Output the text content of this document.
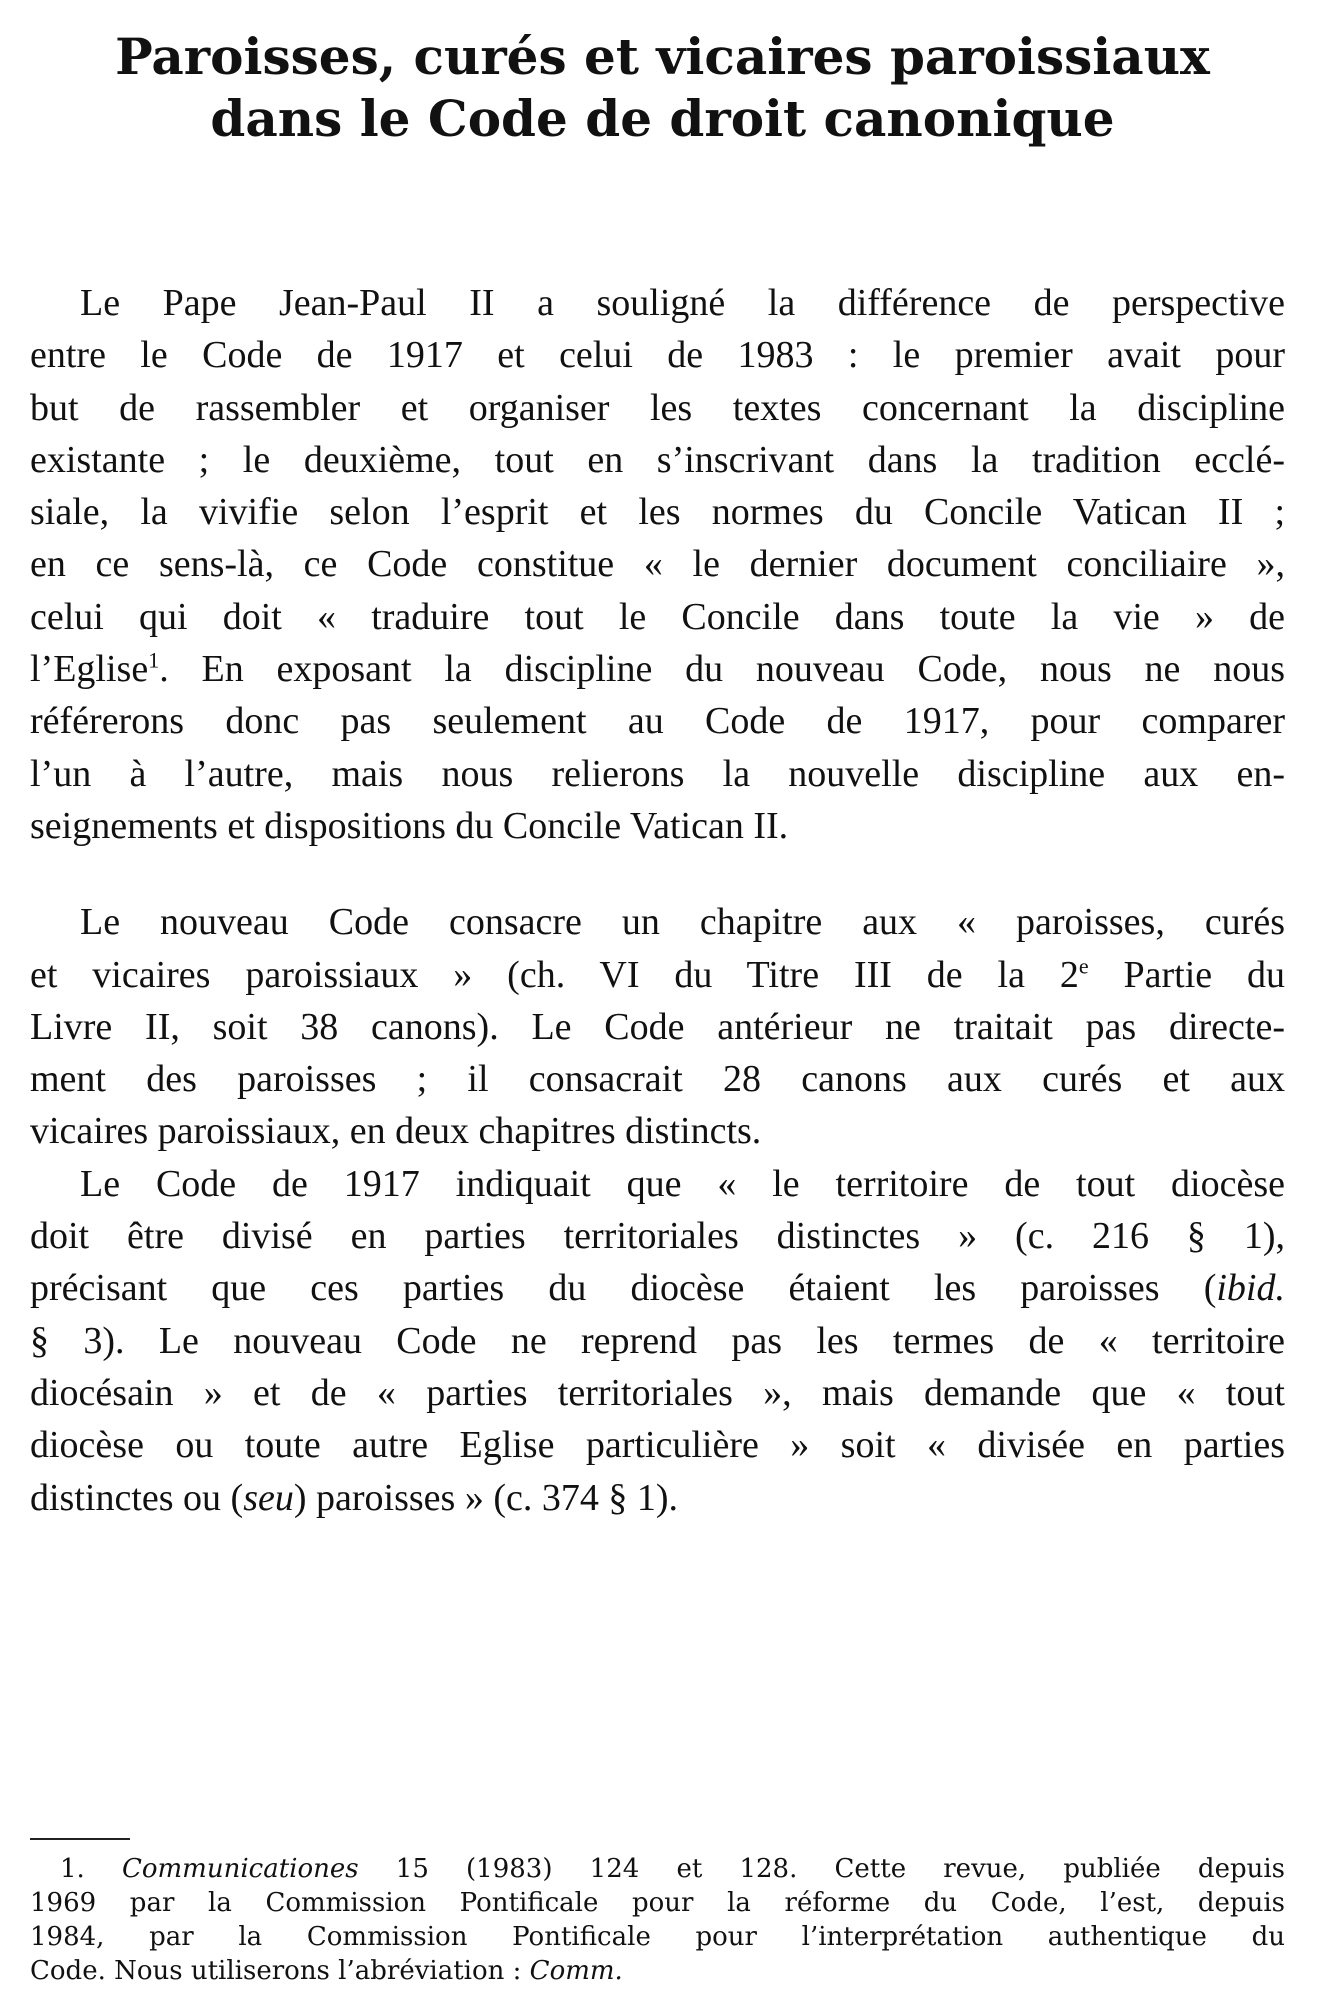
Paroisses, curés et vicaires paroissiaux
dans le Code de droit canonique
Le Pape Jean-Paul II a souligné la différence de perspective
entre le Code de 1917 et celui de 1983 : le premier avait pour
but de rassembler et organiser les textes concernant la discipline
existante ; le deuxième, tout en s’inscrivant dans la tradition ecclé-
siale, la vivifie selon l’esprit et les normes du Concile Vatican II ;
en ce sens-là, ce Code constitue « le dernier document conciliaire »,
celui qui doit « traduire tout le Concile dans toute la vie » de
l’Eglise$^1$. En exposant la discipline du nouveau Code, nous ne nous
référerons donc pas seulement au Code de 1917, pour comparer
l’un à l’autre, mais nous relierons la nouvelle discipline aux en-
seignements et dispositions du Concile Vatican II.
Le nouveau Code consacre un chapitre aux « paroisses, curés
et vicaires paroissiaux » (ch. VI du Titre III de la 2e Partie du
Livre II, soit 38 canons). Le Code antérieur ne traitait pas directe-
ment des paroisses ; il consacrait 28 canons aux curés et aux
vicaires paroissiaux, en deux chapitres distincts.
Le Code de 1917 indiquait que « le territoire de tout diocèse
doit être divisé en parties territoriales distinctes » (c. 216 § 1),
précisant que ces parties du diocèse étaient les paroisses (ibid.
§ 3). Le nouveau Code ne reprend pas les termes de « territoire
diocésain » et de « parties territoriales », mais demande que « tout
diocèse ou toute autre Eglise particulière » soit « divisée en parties
distinctes ou (seu) paroisses » (c. 374 § 1).
1. Communicationes 15 (1983) 124 et 128. Cette revue, publiée depuis
1969 par la Commission Pontificale pour la réforme du Code, l’est, depuis
1984, par la Commission Pontificale pour l’interprétation authentique du
Code. Nous utiliserons l’abréviation : Comm.
